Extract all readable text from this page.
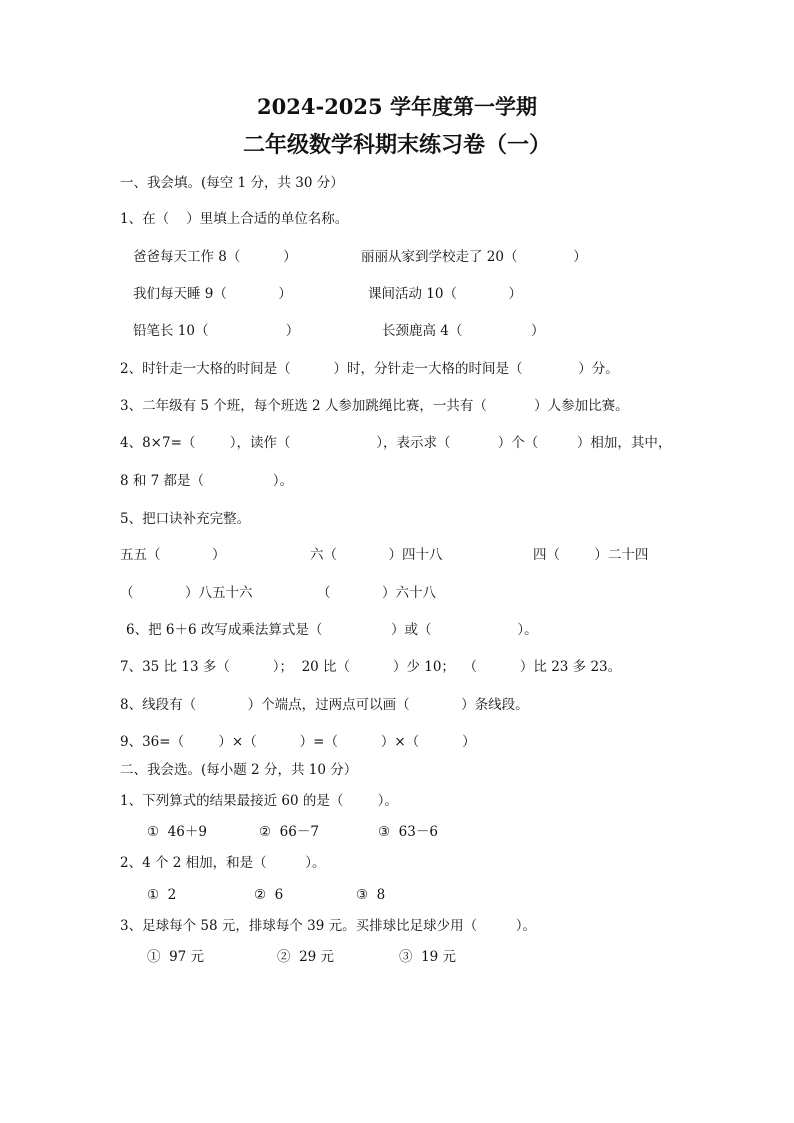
2024-2025 学年度第一学期
二年级数学科期末练习卷（一）
一、我会填。(每空 1 分，共 30 分）
1、在（    ）里填上合适的单位名称。
爸爸每天工作 8（          ）	丽丽从家到学校走了 20（             ）
我们每天睡 9（            ）	课间活动 10（            ）
铅笔长 10（                  ）	长颈鹿高 4（                ）
2、时针走一大格的时间是（          ）时，分针走一大格的时间是（             ）分。
3、二年级有 5 个班，每个班选 2 人参加跳绳比赛，一共有（           ）人参加比赛。
4、8×7=（        ），读作（                    ），表示求（           ）个（         ）相加，其中，
8 和 7 都是（                ）。
5、把口诀补充完整。
五五（            ）	六（            ）四十八	四（        ）二十四
（            ）八五十六	（            ）六十八
6、把 6＋6 改写成乘法算式是（                ）或（                    ）。
7、35 比 13 多（          ）；  20 比（          ）少 10；  （          ）比 23 多 23。
8、线段有（            ）个端点，过两点可以画（            ）条线段。
9、36=（        ）×（          ）=（          ）×（          ）
二、我会选。(每小题 2 分，共 10 分）
1、下列算式的结果最接近 60 的是（        ）。
①  46＋9	②  66－7	③  63－6
2、4 个 2 相加，和是（         ）。
①  2	②  6	③  8
3、足球每个 58 元，排球每个 39 元。买排球比足球少用（         ）。
①  97 元	②  29 元	③  19 元
